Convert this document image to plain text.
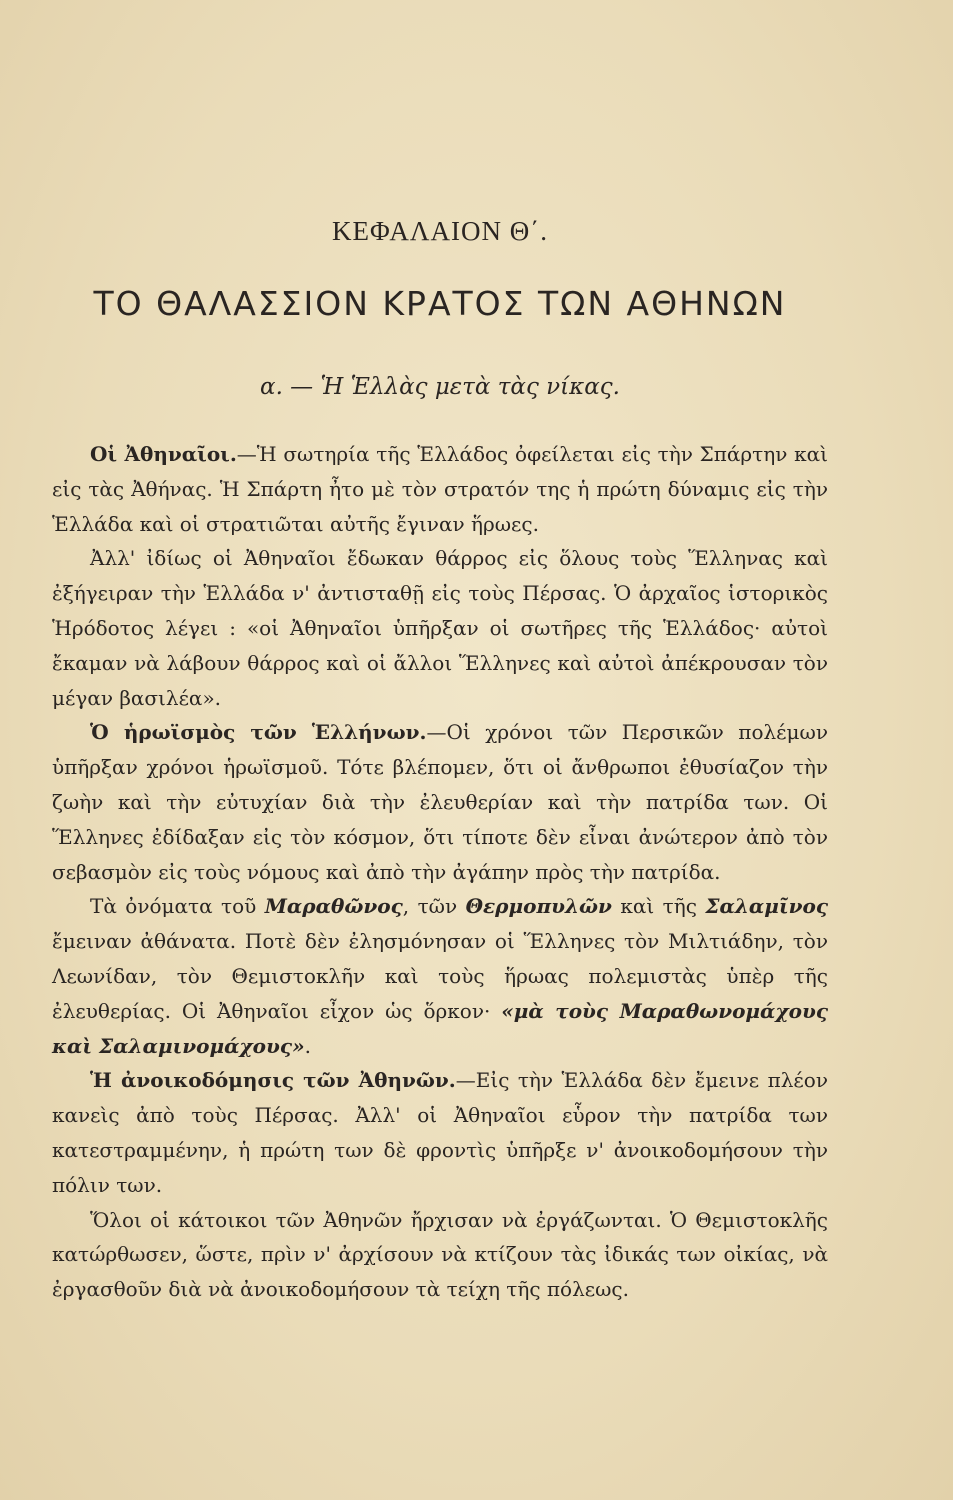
ΚΕΦΑΛΑΙΟΝ Θ΄.
ΤΟ ΘΑΛΑΣΣΙΟΝ ΚΡΑΤΟΣ ΤΩΝ ΑΘΗΝΩΝ
α. — Ἡ Ἑλλὰς μετὰ τὰς νίκας.

Οἱ Ἀθηναῖοι.—Ἡ σωτηρία τῆς Ἑλλάδος ὀφείλεται εἰς τὴν Σπάρτην καὶ εἰς τὰς Ἀθήνας. Ἡ Σπάρτη ἦτο μὲ τὸν στρατόν της ἡ πρώτη δύναμις εἰς τὴν Ἑλλάδα καὶ οἱ στρατιῶται αὐτῆς ἔγιναν ἥρωες.

Ἀλλ' ἰδίως οἱ Ἀθηναῖοι ἔδωκαν θάρρος εἰς ὅλους τοὺς Ἕλληνας καὶ ἐξήγειραν τὴν Ἑλλάδα ν' ἀντισταθῇ εἰς τοὺς Πέρσας. Ὁ ἀρχαῖος ἱστορικὸς Ἡρόδοτος λέγει : «οἱ Ἀθηναῖοι ὑπῆρξαν οἱ σωτῆρες τῆς Ἑλλάδος· αὐτοὶ ἔκαμαν νὰ λάβουν θάρρος καὶ οἱ ἄλλοι Ἕλληνες καὶ αὐτοὶ ἀπέκρουσαν τὸν μέγαν βασιλέα».

Ὁ ἡρωϊσμὸς τῶν Ἑλλήνων.—Οἱ χρόνοι τῶν Περσικῶν πολέμων ὑπῆρξαν χρόνοι ἡρωϊσμοῦ. Τότε βλέπομεν, ὅτι οἱ ἄνθρωποι ἐθυσίαζον τὴν ζωὴν καὶ τὴν εὐτυχίαν διὰ τὴν ἐλευθερίαν καὶ τὴν πατρίδα των. Οἱ Ἕλληνες ἐδίδαξαν εἰς τὸν κόσμον, ὅτι τίποτε δὲν εἶναι ἀνώτερον ἀπὸ τὸν σεβασμὸν εἰς τοὺς νόμους καὶ ἀπὸ τὴν ἀγάπην πρὸς τὴν πατρίδα.

Τὰ ὀνόματα τοῦ Μαραθῶνος, τῶν Θερμοπυλῶν καὶ τῆς Σαλαμῖνος ἔμειναν ἀθάνατα. Ποτὲ δὲν ἐλησμόνησαν οἱ Ἕλληνες τὸν Μιλτιάδην, τὸν Λεωνίδαν, τὸν Θεμιστοκλῆν καὶ τοὺς ἥρωας πολεμιστὰς ὑπὲρ τῆς ἐλευθερίας. Οἱ Ἀθηναῖοι εἶχον ὡς ὅρκον· «μὰ τοὺς Μαραθωνομάχους καὶ Σαλαμινομάχους».

Ἡ ἀνοικοδόμησις τῶν Ἀθηνῶν.—Εἰς τὴν Ἑλλάδα δὲν ἔμεινε πλέον κανεὶς ἀπὸ τοὺς Πέρσας. Ἀλλ' οἱ Ἀθηναῖοι εὗρον τὴν πατρίδα των κατεστραμμένην, ἡ πρώτη των δὲ φροντὶς ὑπῆρξε ν' ἀνοικοδομήσουν τὴν πόλιν των.

Ὅλοι οἱ κάτοικοι τῶν Ἀθηνῶν ἤρχισαν νὰ ἐργάζωνται. Ὁ Θεμιστοκλῆς κατώρθωσεν, ὥστε, πρὶν ν' ἀρχίσουν νὰ κτίζουν τὰς ἰδικάς των οἰκίας, νὰ ἐργασθοῦν διὰ νὰ ἀνοικοδομήσουν τὰ τείχη τῆς πόλεως.
